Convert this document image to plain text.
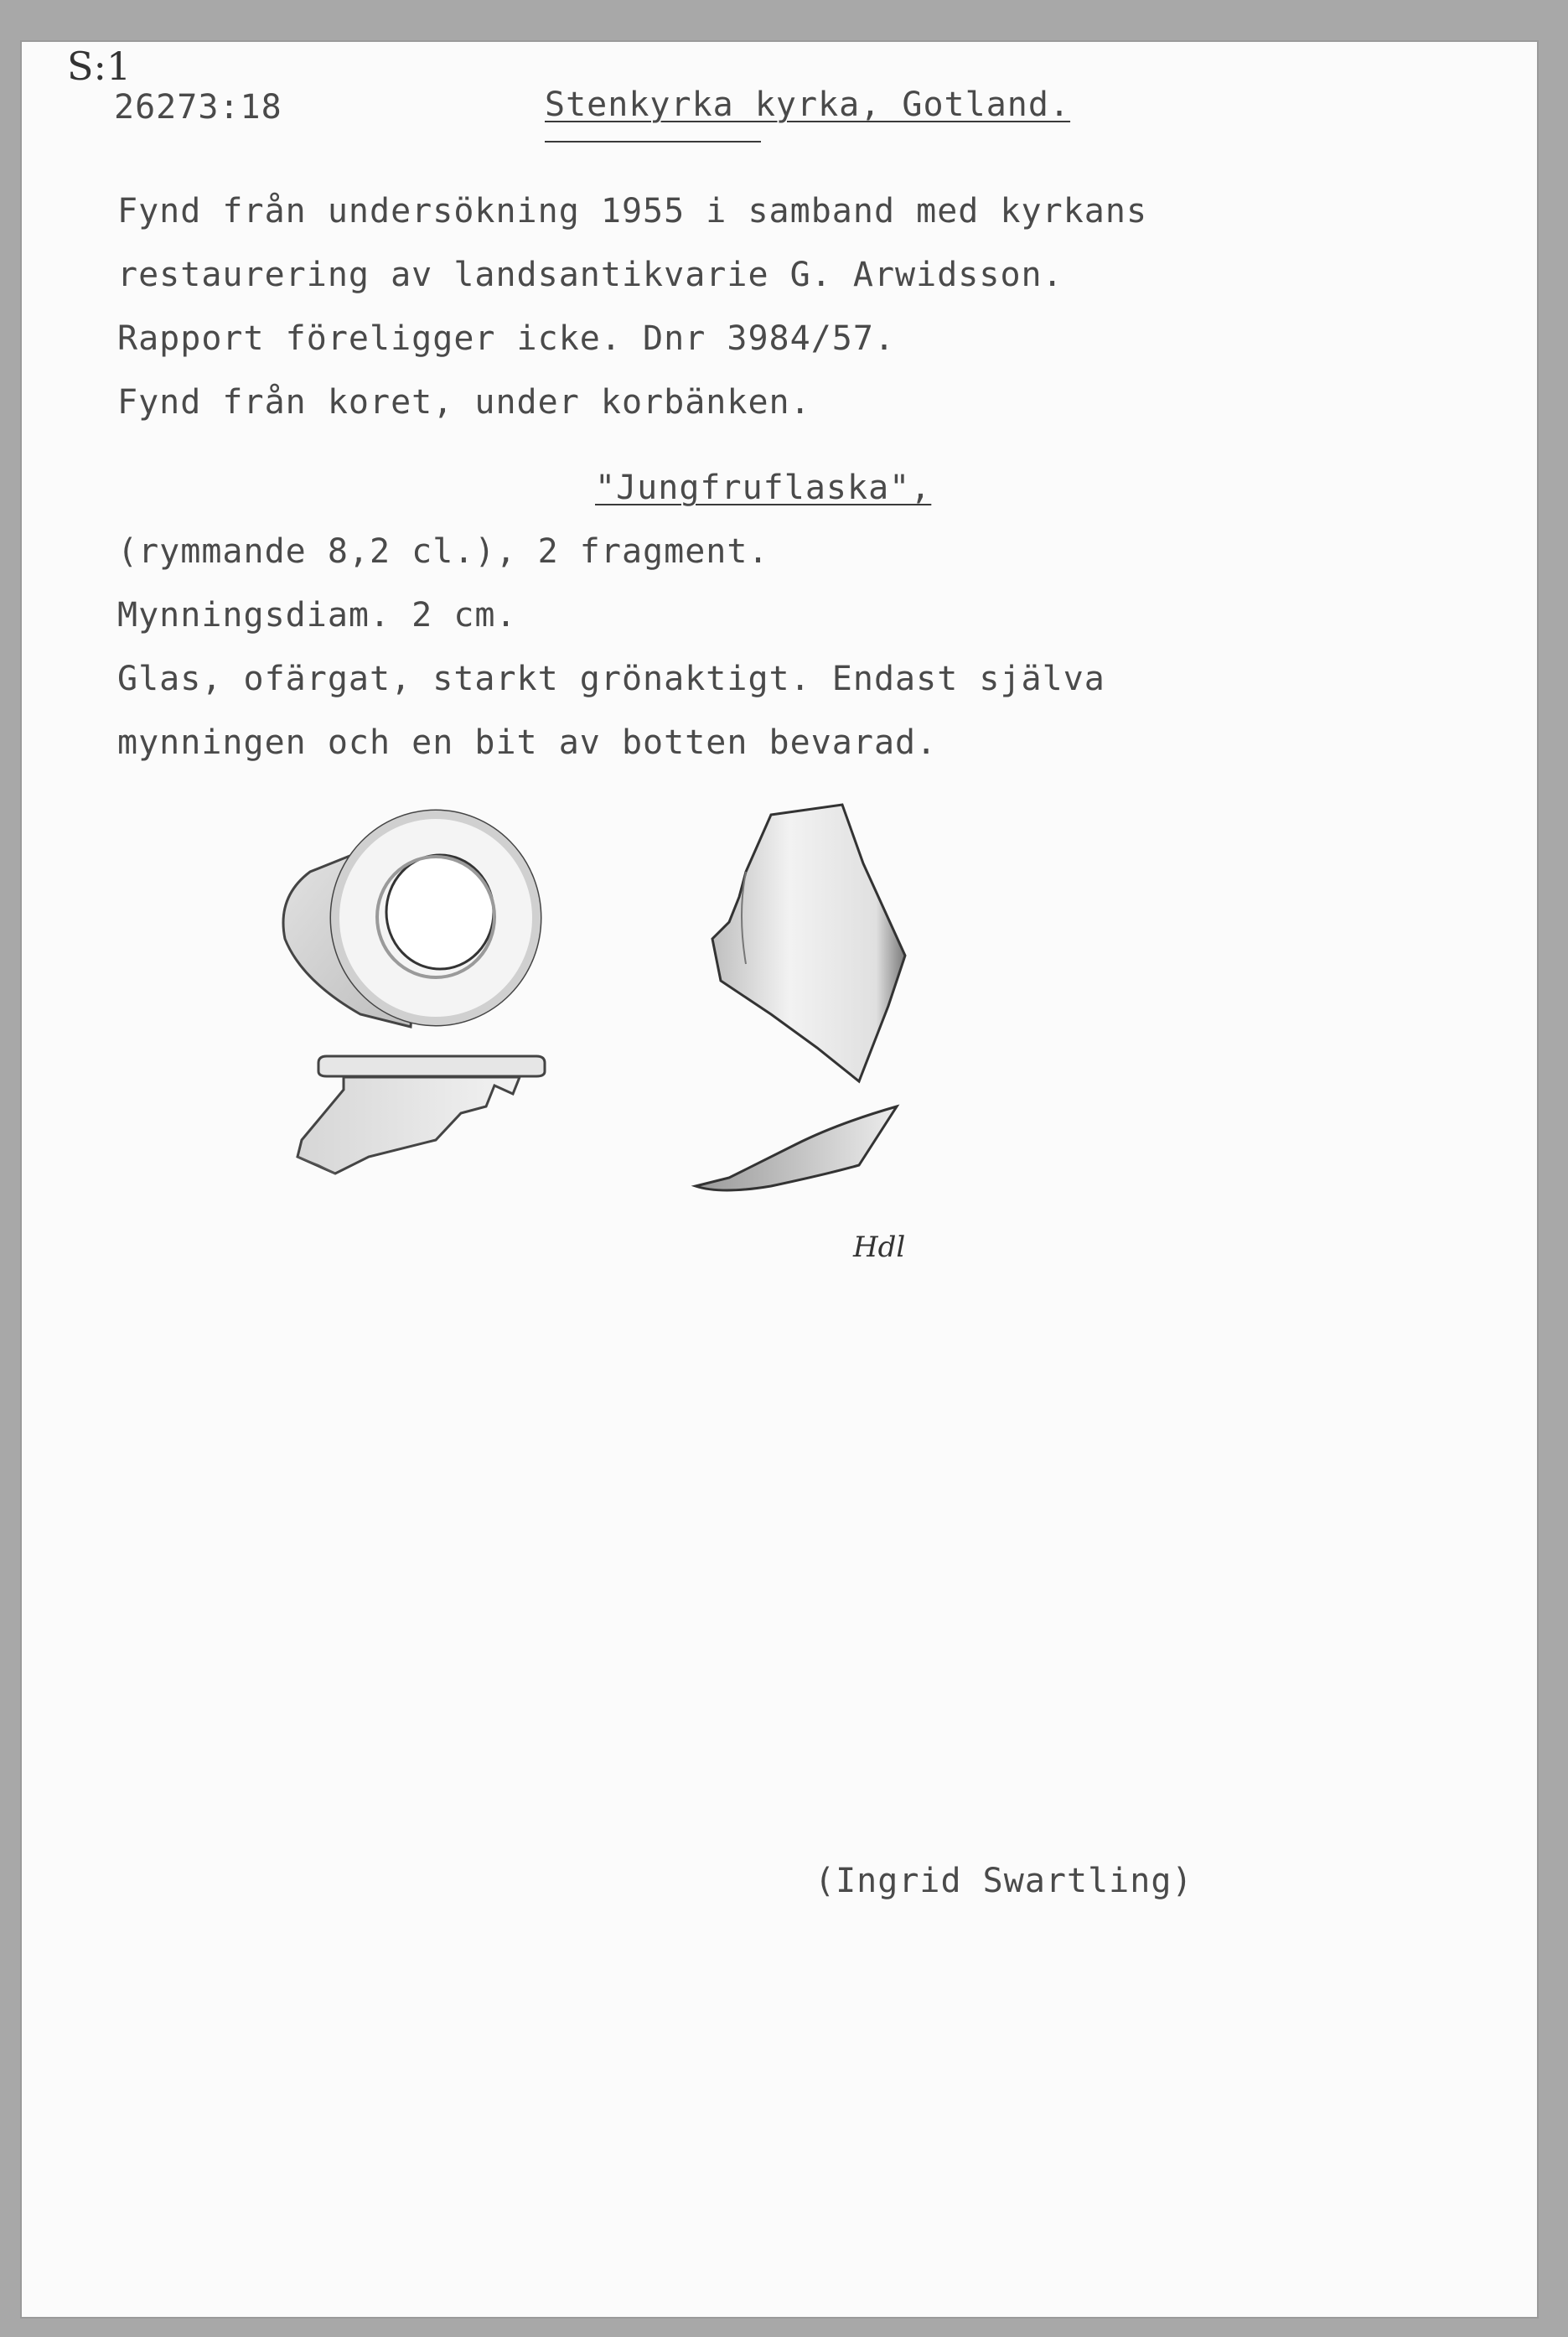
S:1
26273:18	Stenkyrka kyrka, Gotland.
Fynd från undersökning 1955 i samband med kyrkans
restaurering av landsantikvarie G. Arwidsson.
Rapport föreligger icke. Dnr 3984/57.
Fynd från koret, under korbänken.
"Jungfruflaska",
(rymmande 8,2 cl.), 2 fragment.
Mynningsdiam. 2 cm.
Glas, ofärgat, starkt grönaktigt. Endast själva
mynningen och en bit av botten bevarad.
Hdl
(Ingrid Swartling)
